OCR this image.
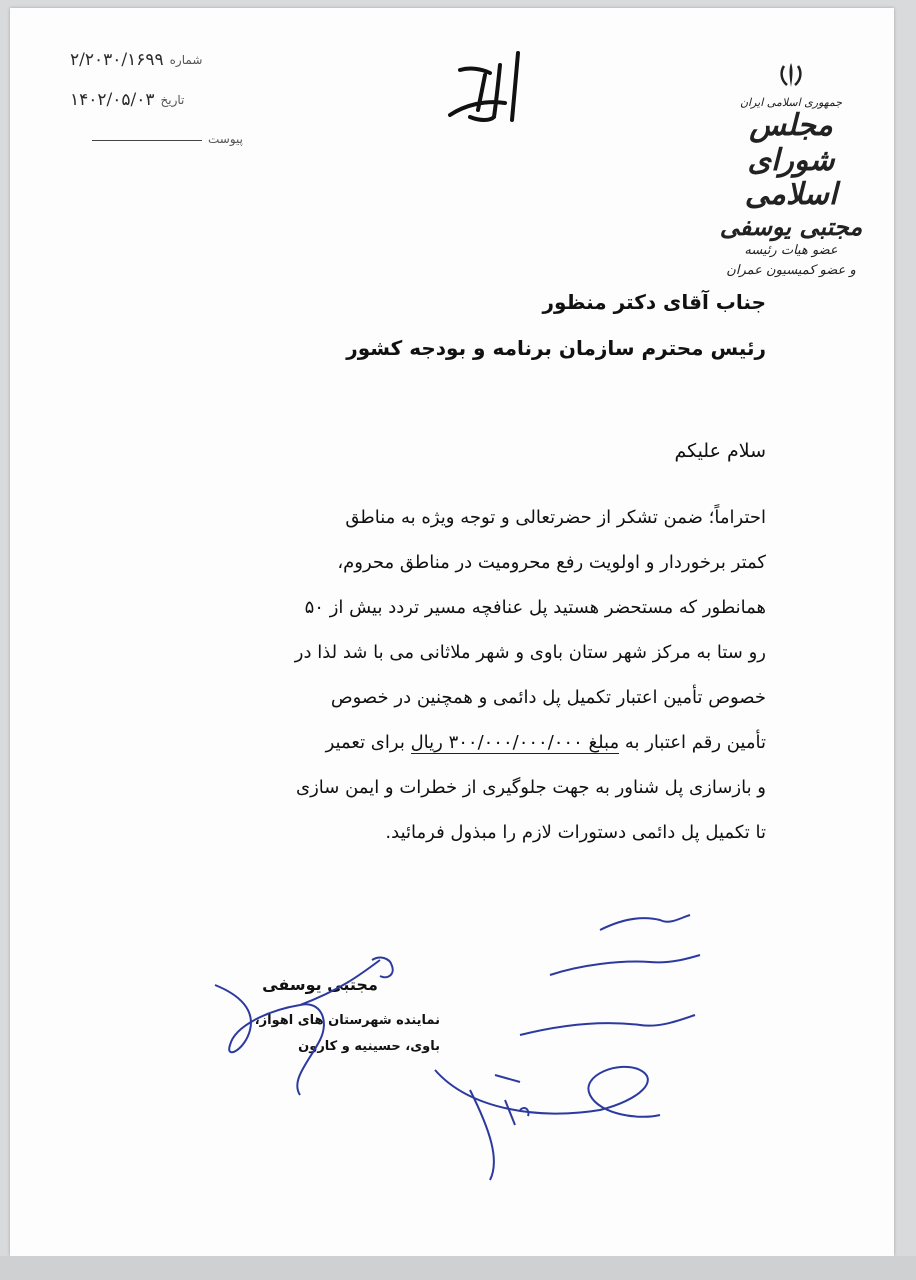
شماره
۲/۲۰۳۰/۱۶۹۹
تاریخ
۱۴۰۲/۰۵/۰۳
پیوست
جمهوری اسلامی ایران
مجلس شورای اسلامی
مجتبی یوسفی
عضو هیات رئیسه
و عضو کمیسیون عمران
جناب آقای دکتر منظور
رئیس محترم سازمان برنامه و بودجه کشور
سلام علیکم
احتراماً؛ ضمن تشکر از حضرتعالی و توجه ویژه به مناطق
کمتر برخوردار و اولویت رفع محرومیت در مناطق محروم،
همانطور که مستحضر هستید پل عنافچه مسیر تردد بیش از ۵۰
رو ستا به مرکز شهر ستان باوی و شهر ملاثانی می با شد لذا در
خصوص تأمین اعتبار تکمیل پل دائمی و همچنین در خصوص
تأمین رقم اعتبار به مبلغ ۳۰۰/۰۰۰/۰۰۰/۰۰۰ ریال برای تعمیر
و بازسازی پل شناور به جهت جلوگیری از خطرات و ایمن سازی
تا تکمیل پل دائمی دستورات لازم را مبذول فرمائید.
مجتبی یوسفی
نماینده شهرستان های اهواز،
باوی، حسینیه و کارون
